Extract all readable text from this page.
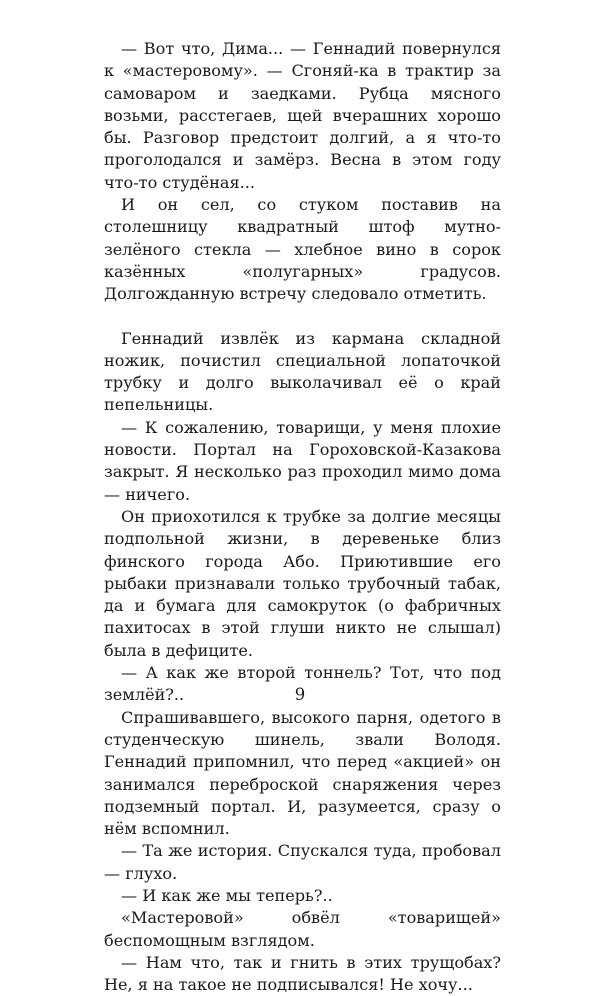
— Вот что, Дима... — Геннадий повернулся к «мастеровому». — Сгоняй-ка в трактир за самоваром и заедками. Рубца мясного возьми, расстегаев, щей вчерашних хорошо бы. Разговор предстоит долгий, а я что-то проголодался и замёрз. Весна в этом году что-то студёная...

И он сел, со стуком поставив на столешницу квадратный штоф мутно-зелёного стекла — хлебное вино в сорок казённых «полугарных» градусов. Долгожданную встречу следовало отметить.

Геннадий извлёк из кармана складной ножик, почистил специальной лопаточкой трубку и долго выколачивал её о край пепельницы.

— К сожалению, товарищи, у меня плохие новости. Портал на Гороховской-Казакова закрыт. Я несколько раз проходил мимо дома — ничего.

Он приохотился к трубке за долгие месяцы подпольной жизни, в деревеньке близ финского города Або. Приютившие его рыбаки признавали только трубочный табак, да и бумага для самокруток (о фабричных пахитосах в этой глуши никто не слышал) была в дефиците.

— А как же второй тоннель? Тот, что под землёй?..

Спрашивавшего, высокого парня, одетого в студенческую шинель, звали Володя. Геннадий припомнил, что перед «акцией» он занимался переброской снаряжения через подземный портал. И, разумеется, сразу о нём вспомнил.

— Та же история. Спускался туда, пробовал — глухо.

— И как же мы теперь?..

«Мастеровой» обвёл «товарищей» беспомощным взглядом.

— Нам что, так и гнить в этих трущобах? Не, я на такое не подписывался! Не хочу...

9
